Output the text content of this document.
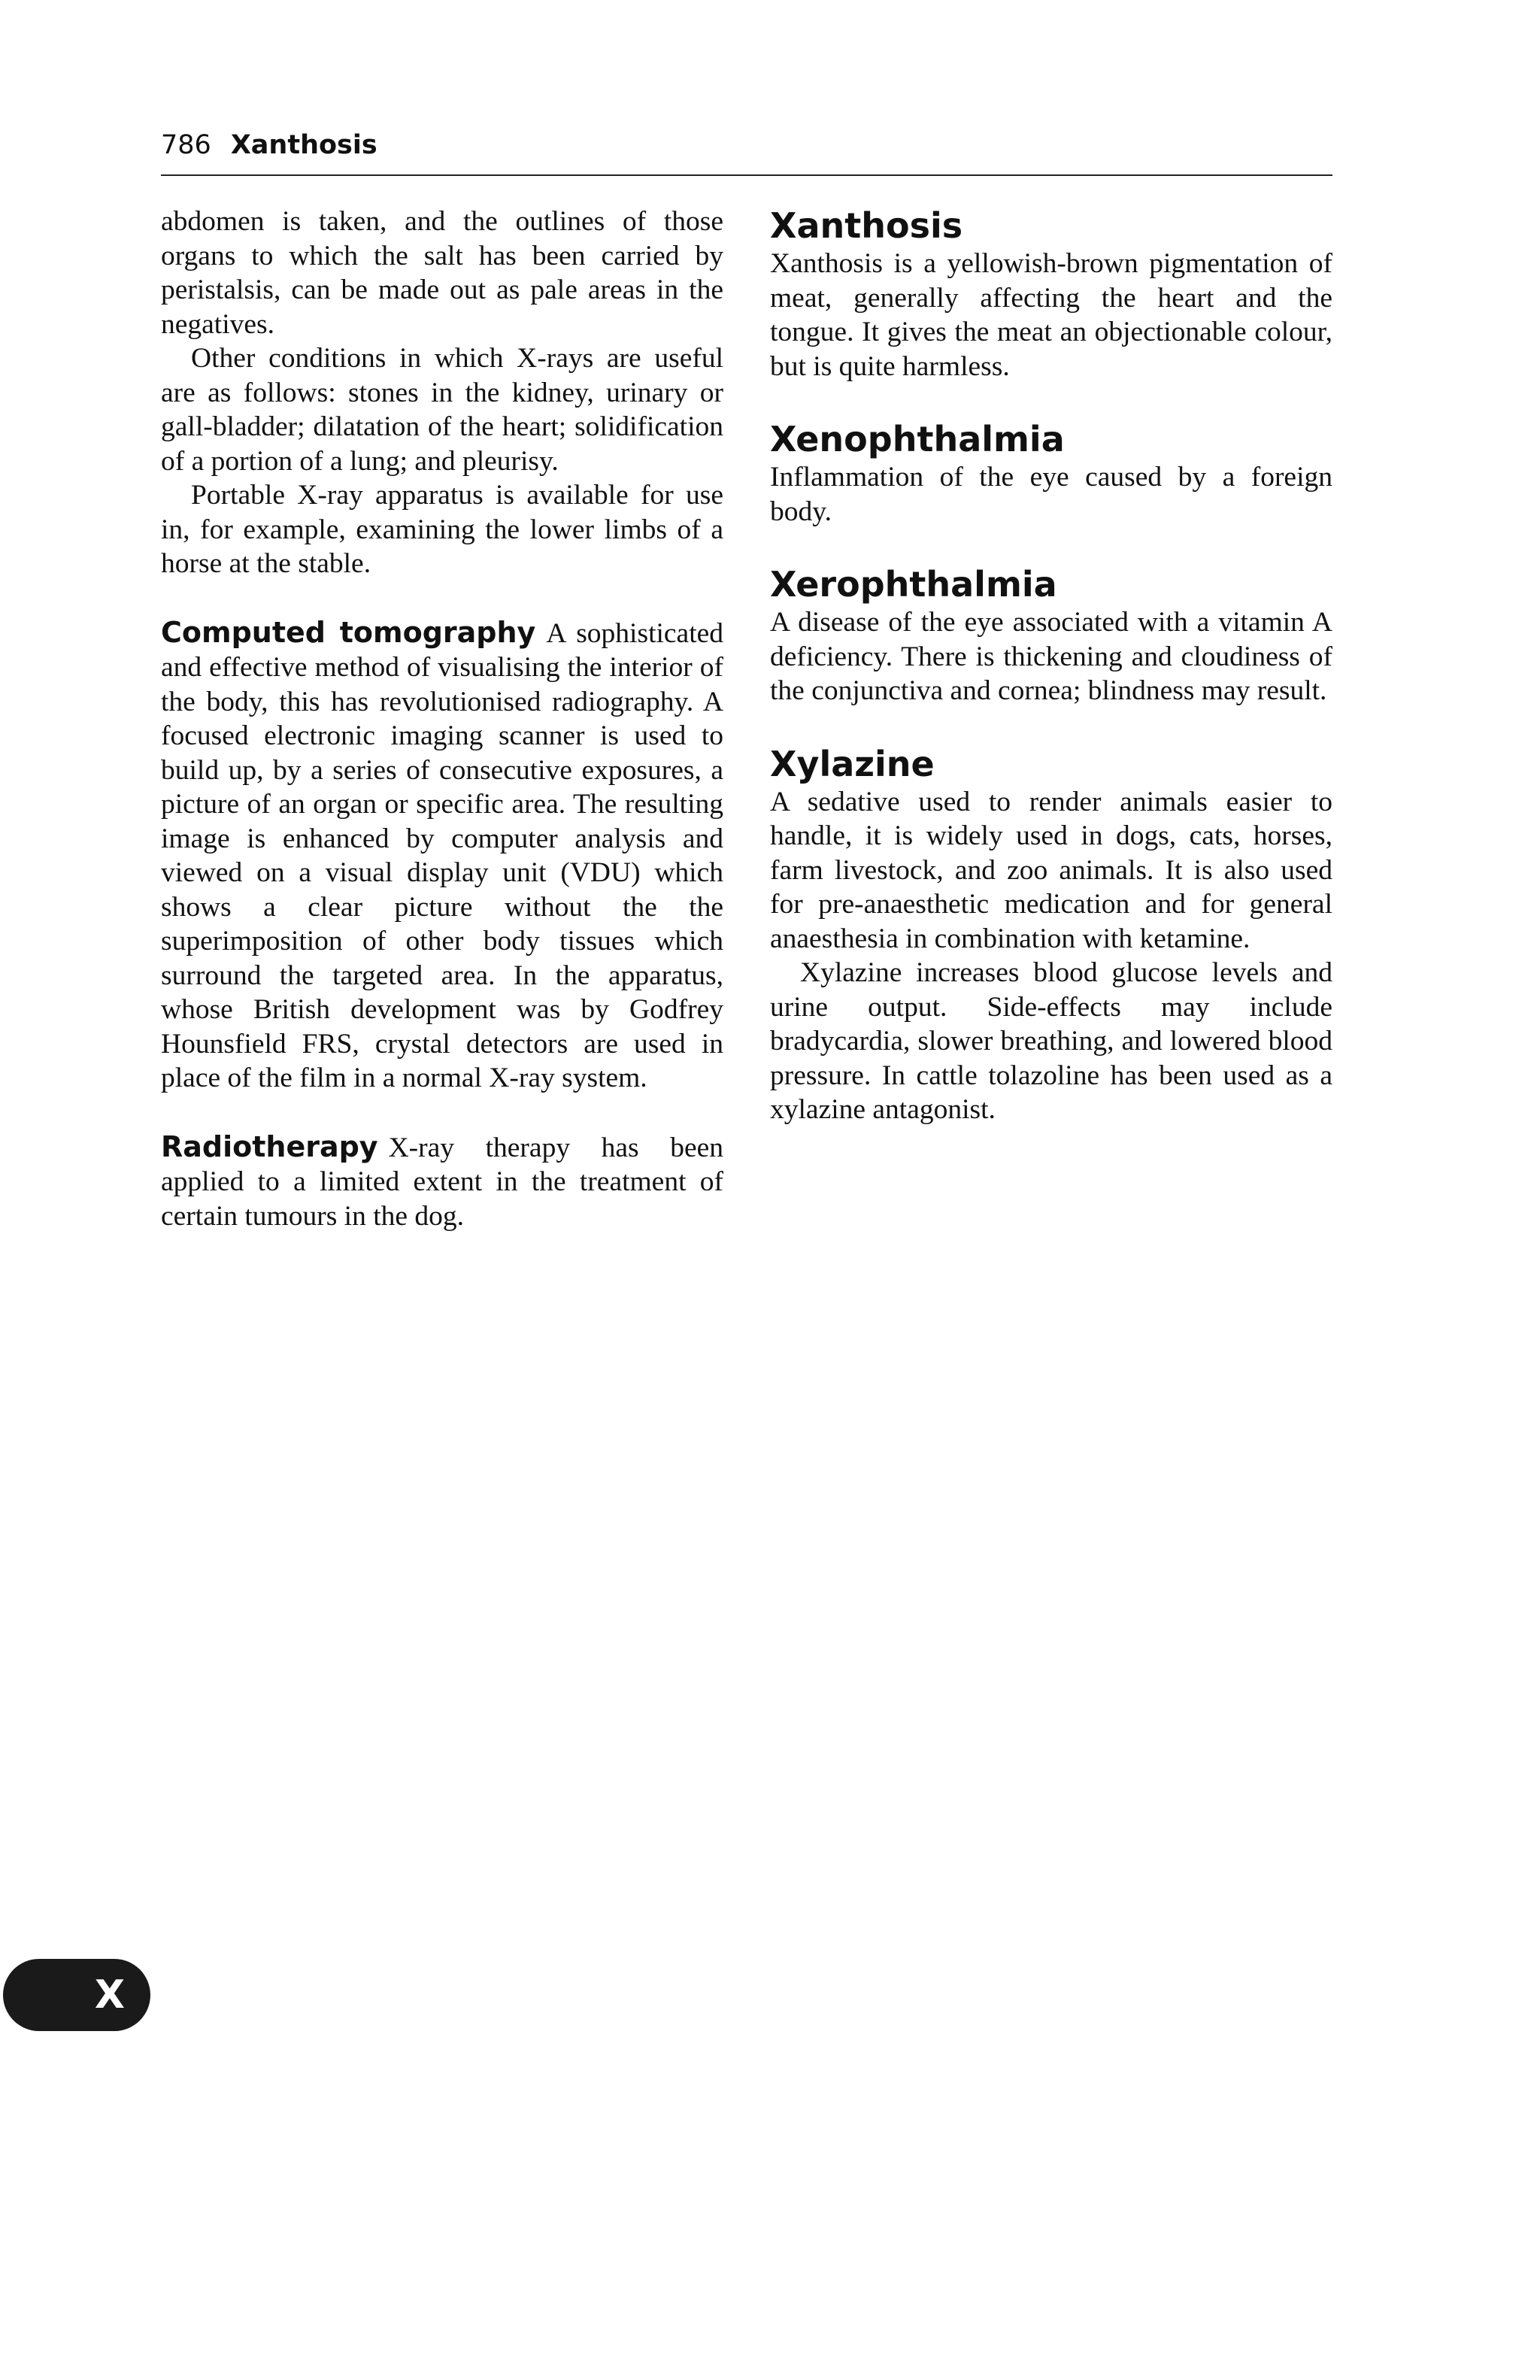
786 Xanthosis

abdomen is taken, and the outlines of those organs to which the salt has been carried by peristalsis, can be made out as pale areas in the negatives.

Other conditions in which X-rays are useful are as follows: stones in the kidney, urinary or gall-bladder; dilatation of the heart; solidification of a portion of a lung; and pleurisy.

Portable X-ray apparatus is available for use in, for example, examining the lower limbs of a horse at the stable.

Computed tomography A sophisticated and effective method of visualising the interior of the body, this has revolutionised radiography. A focused electronic imaging scanner is used to build up, by a series of consecutive exposures, a picture of an organ or specific area. The resulting image is enhanced by computer analysis and viewed on a visual display unit (VDU) which shows a clear picture without the the superimposition of other body tissues which surround the targeted area. In the apparatus, whose British development was by Godfrey Hounsfield FRS, crystal detectors are used in place of the film in a normal X-ray system.

Radiotherapy X-ray therapy has been applied to a limited extent in the treatment of certain tumours in the dog.

Xanthosis

Xanthosis is a yellowish-brown pigmentation of meat, generally affecting the heart and the tongue. It gives the meat an objectionable colour, but is quite harmless.

Xenophthalmia

Inflammation of the eye caused by a foreign body.

Xerophthalmia

A disease of the eye associated with a vitamin A deficiency. There is thickening and cloudiness of the conjunctiva and cornea; blindness may result.

Xylazine

A sedative used to render animals easier to handle, it is widely used in dogs, cats, horses, farm livestock, and zoo animals. It is also used for pre-anaesthetic medication and for general anaesthesia in combination with ketamine.

Xylazine increases blood glucose levels and urine output. Side-effects may include bradycardia, slower breathing, and lowered blood pressure. In cattle tolazoline has been used as a xylazine antagonist.

X
